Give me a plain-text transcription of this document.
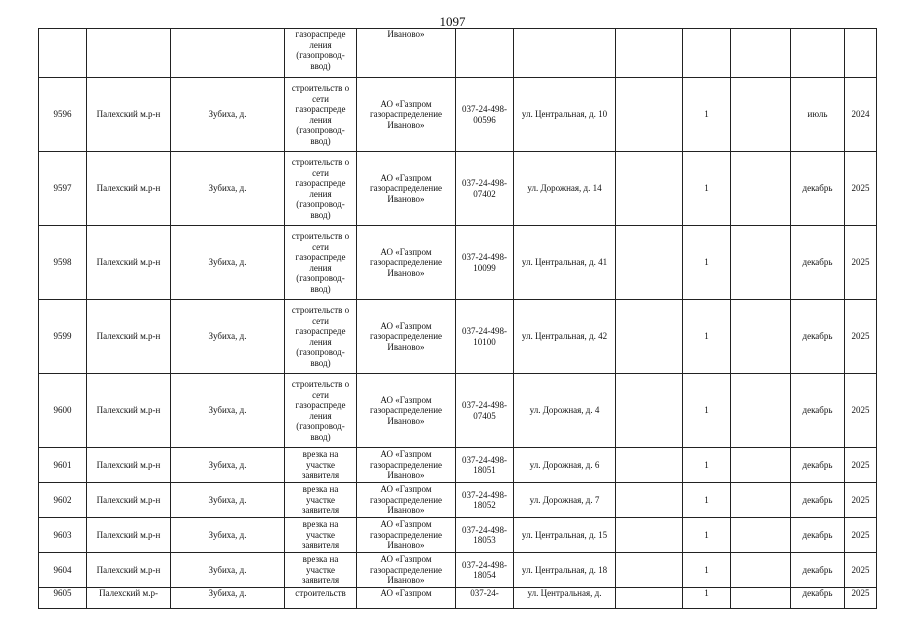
1097
			газораспреде ления (газопровод- ввод)	Иваново»							
9596	Палехский м.р-н	Зубиха, д.	строительств о сети газораспреде ления (газопровод- ввод)	АО «Газпром газораспределение Иваново»	037-24-498-00596	ул. Центральная, д. 10		1		июль	2024
9597	Палехский м.р-н	Зубиха, д.	строительств о сети газораспреде ления (газопровод- ввод)	АО «Газпром газораспределение Иваново»	037-24-498-07402	ул. Дорожная, д. 14		1		декабрь	2025
9598	Палехский м.р-н	Зубиха, д.	строительств о сети газораспреде ления (газопровод- ввод)	АО «Газпром газораспределение Иваново»	037-24-498-10099	ул. Центральная, д. 41		1		декабрь	2025
9599	Палехский м.р-н	Зубиха, д.	строительств о сети газораспреде ления (газопровод- ввод)	АО «Газпром газораспределение Иваново»	037-24-498-10100	ул. Центральная, д. 42		1		декабрь	2025
9600	Палехский м.р-н	Зубиха, д.	строительств о сети газораспреде ления (газопровод- ввод)	АО «Газпром газораспределение Иваново»	037-24-498-07405	ул. Дорожная, д. 4		1		декабрь	2025
9601	Палехский м.р-н	Зубиха, д.	врезка на участке заявителя	АО «Газпром газораспределение Иваново»	037-24-498-18051	ул. Дорожная, д. 6		1		декабрь	2025
9602	Палехский м.р-н	Зубиха, д.	врезка на участке заявителя	АО «Газпром газораспределение Иваново»	037-24-498-18052	ул. Дорожная, д. 7		1		декабрь	2025
9603	Палехский м.р-н	Зубиха, д.	врезка на участке заявителя	АО «Газпром газораспределение Иваново»	037-24-498-18053	ул. Центральная, д. 15		1		декабрь	2025
9604	Палехский м.р-н	Зубиха, д.	врезка на участке заявителя	АО «Газпром газораспределение Иваново»	037-24-498-18054	ул. Центральная, д. 18		1		декабрь	2025
9605	Палехский м.р-	Зубиха, д.	строительств	АО «Газпром	037-24-	ул. Центральная, д.		1		декабрь	2025
